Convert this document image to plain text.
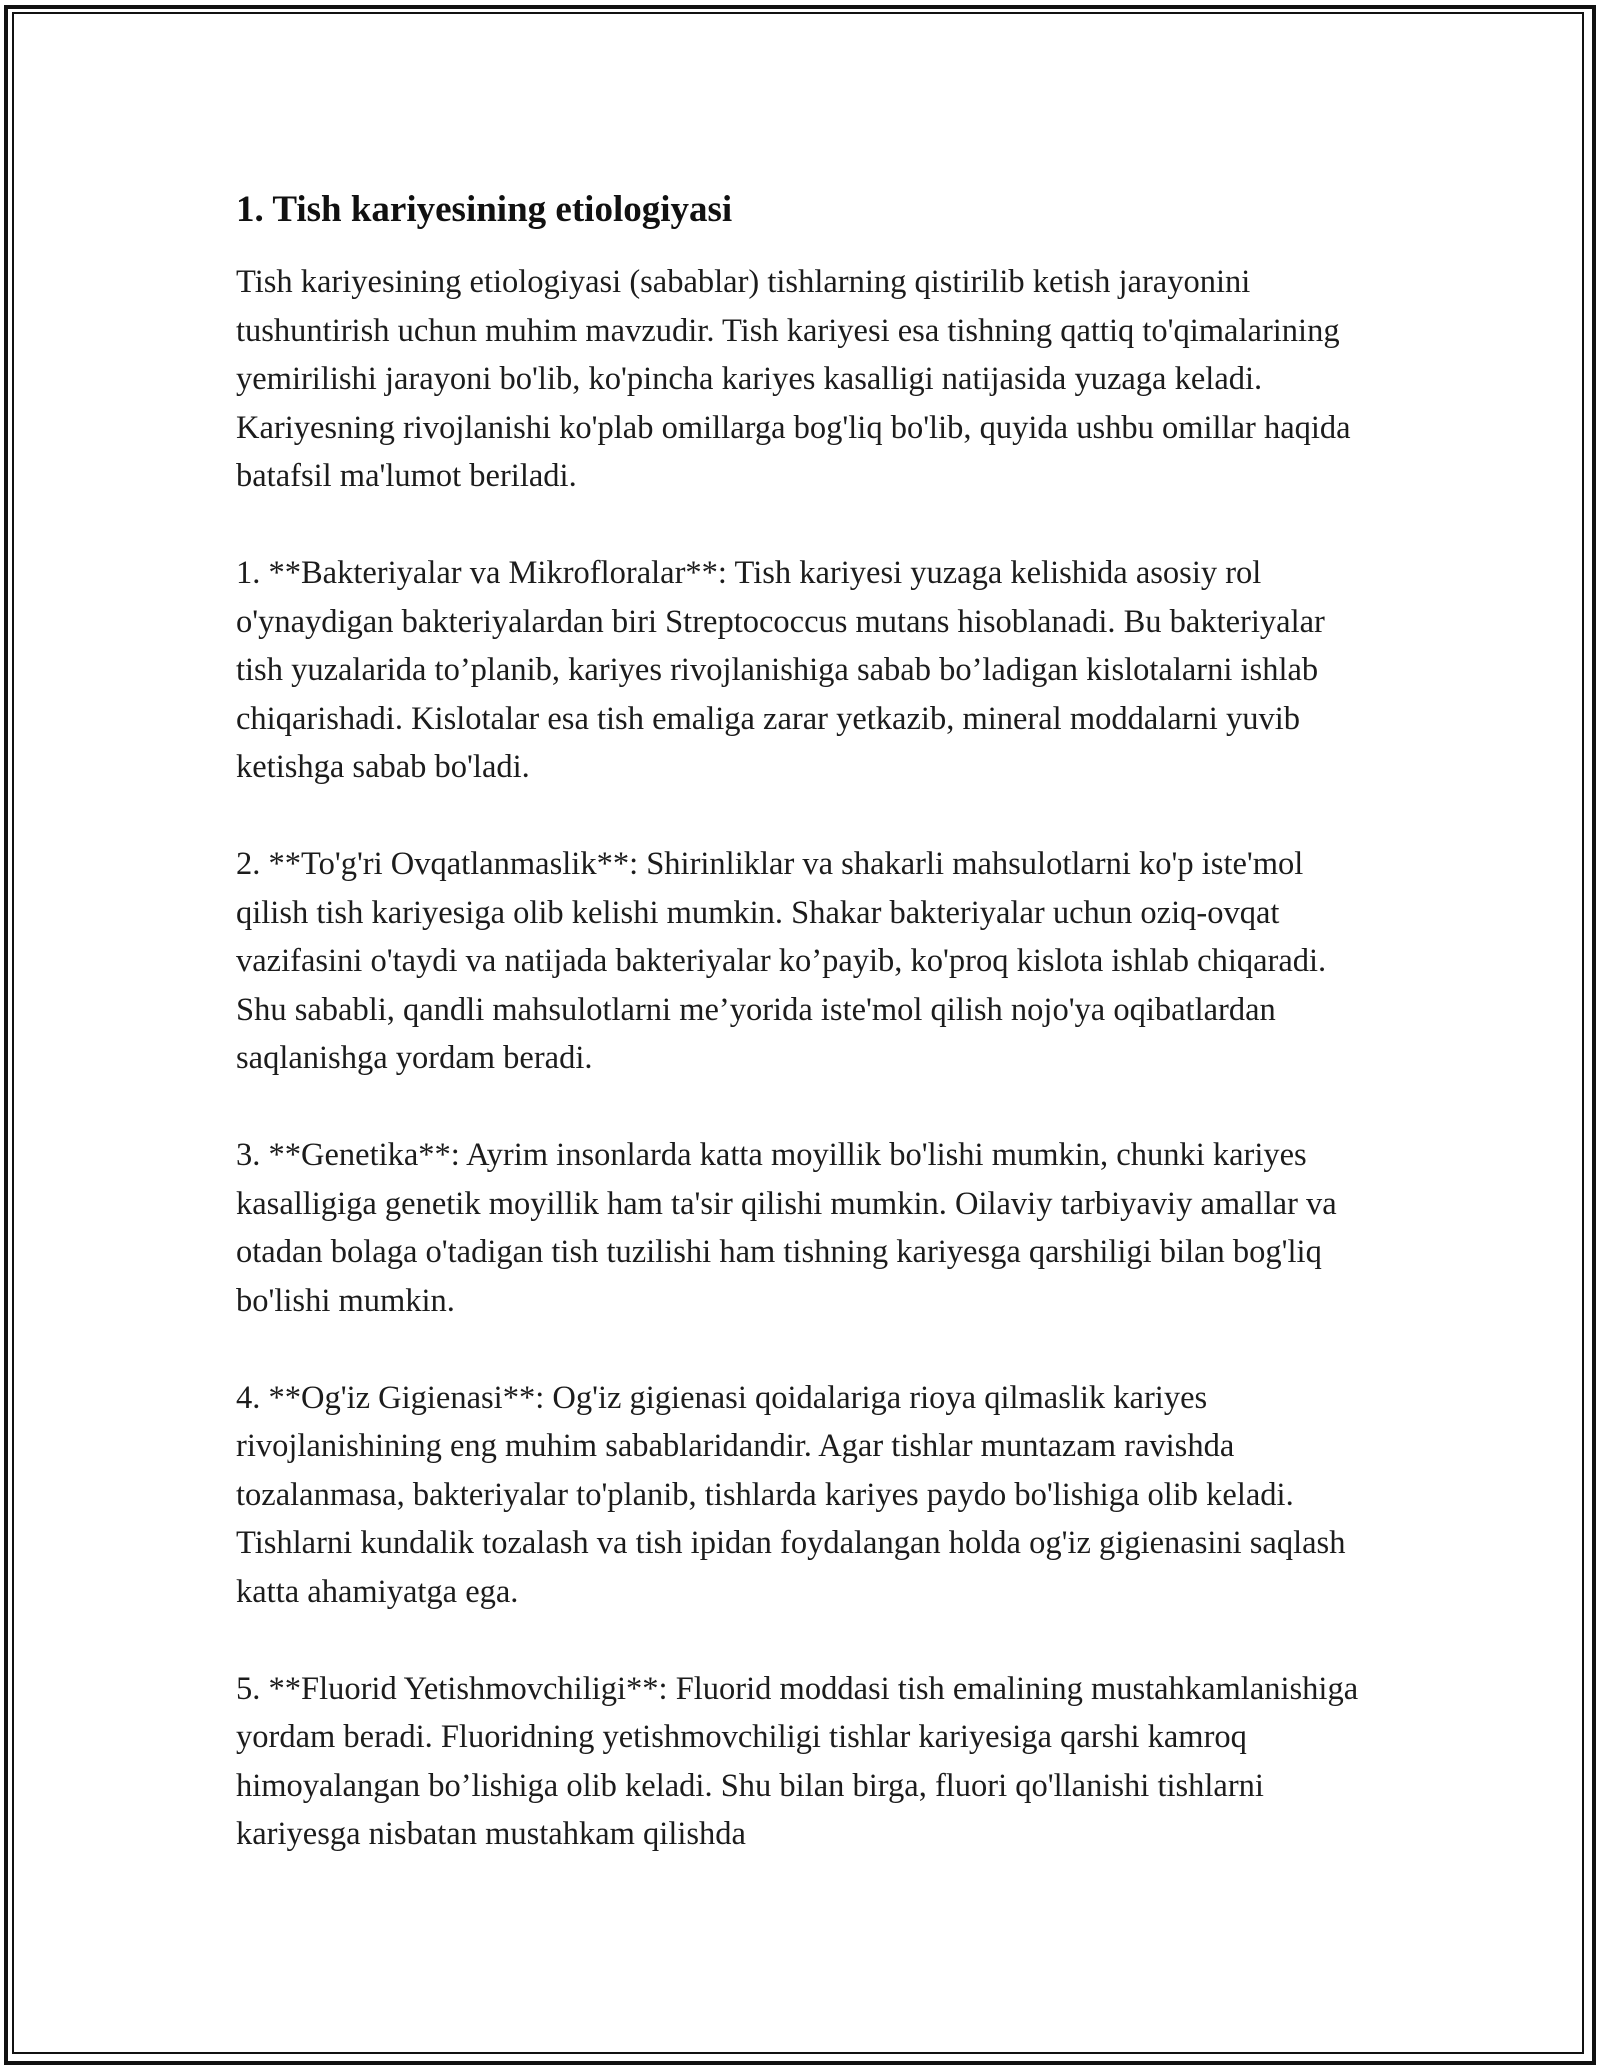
1. Tish kariyesining etiologiyasi

Tish kariyesining etiologiyasi (sabablar) tishlarning qistirilib ketish jarayonini tushuntirish uchun muhim mavzudir. Tish kariyesi esa tishning qattiq to'qimalarining yemirilishi jarayoni bo'lib, ko'pincha kariyes kasalligi natijasida yuzaga keladi. Kariyesning rivojlanishi ko'plab omillarga bog'liq bo'lib, quyida ushbu omillar haqida batafsil ma'lumot beriladi.

1. **Bakteriyalar va Mikrofloralar**: Tish kariyesi yuzaga kelishida asosiy rol o'ynaydigan bakteriyalardan biri Streptococcus mutans hisoblanadi. Bu bakteriyalar tish yuzalarida to’planib, kariyes rivojlanishiga sabab bo’ladigan kislotalarni ishlab chiqarishadi. Kislotalar esa tish emaliga zarar yetkazib, mineral moddalarni yuvib ketishga sabab bo'ladi.

2. **To'g'ri Ovqatlanmaslik**: Shirinliklar va shakarli mahsulotlarni ko'p iste'mol qilish tish kariyesiga olib kelishi mumkin. Shakar bakteriyalar uchun oziq-ovqat vazifasini o'taydi va natijada bakteriyalar ko’payib, ko'proq kislota ishlab chiqaradi. Shu sababli, qandli mahsulotlarni me’yorida iste'mol qilish nojo'ya oqibatlardan saqlanishga yordam beradi.

3. **Genetika**: Ayrim insonlarda katta moyillik bo'lishi mumkin, chunki kariyes kasalligiga genetik moyillik ham ta'sir qilishi mumkin. Oilaviy tarbiyaviy amallar va otadan bolaga o'tadigan tish tuzilishi ham tishning kariyesga qarshiligi bilan bog'liq bo'lishi mumkin.

4. **Og'iz Gigienasi**: Og'iz gigienasi qoidalariga rioya qilmaslik kariyes rivojlanishining eng muhim sabablaridandir. Agar tishlar muntazam ravishda tozalanmasa, bakteriyalar to'planib, tishlarda kariyes paydo bo'lishiga olib keladi. Tishlarni kundalik tozalash va tish ipidan foydalangan holda og'iz gigienasini saqlash katta ahamiyatga ega.

5. **Fluorid Yetishmovchiligi**: Fluorid moddasi tish emalining mustahkamlanishiga yordam beradi. Fluoridning yetishmovchiligi tishlar kariyesiga qarshi kamroq himoyalangan bo’lishiga olib keladi. Shu bilan birga, fluori qo'llanishi tishlarni kariyesga nisbatan mustahkam qilishda
